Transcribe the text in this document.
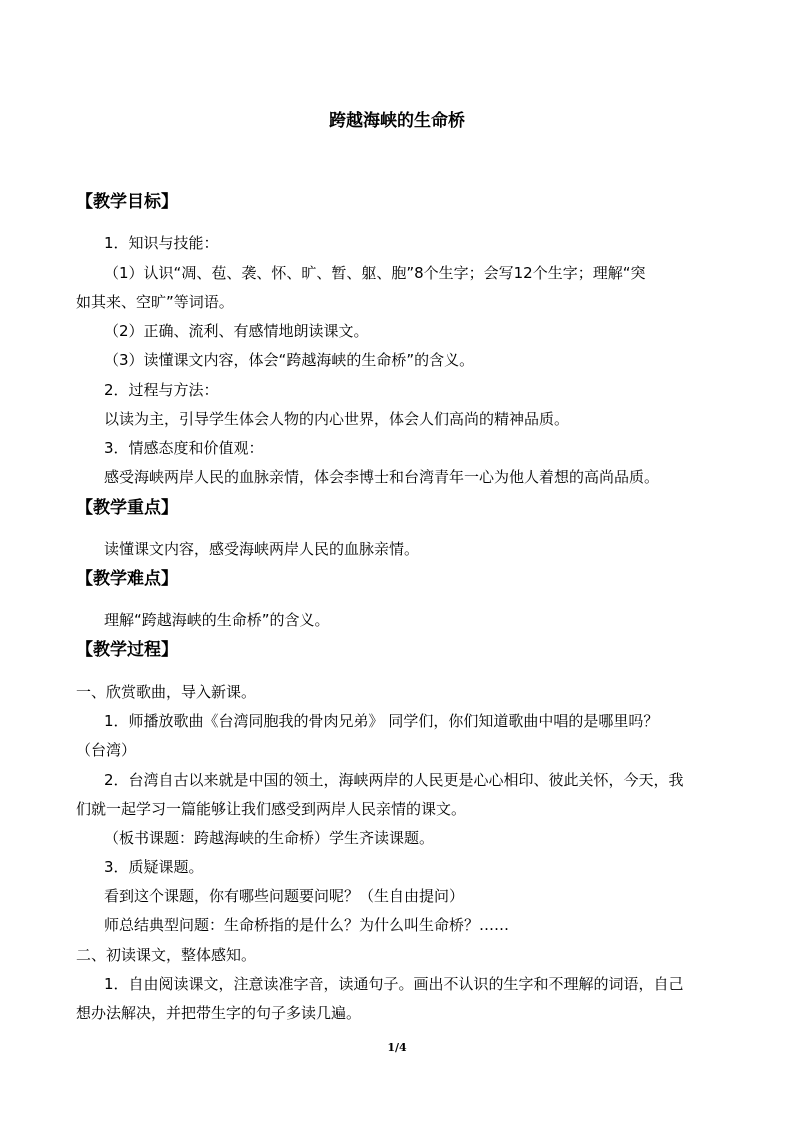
跨越海峡的生命桥
【教学目标】
1．知识与技能：
（1）认识“凋、苞、袭、怀、旷、暂、躯、胞”8个生字；会写12个生字；理解“突
如其来、空旷”等词语。
（2）正确、流利、有感情地朗读课文。
（3）读懂课文内容，体会“跨越海峡的生命桥”的含义。
2．过程与方法：
以读为主，引导学生体会人物的内心世界，体会人们高尚的精神品质。
3．情感态度和价值观：
感受海峡两岸人民的血脉亲情，体会李博士和台湾青年一心为他人着想的高尚品质。
【教学重点】
读懂课文内容，感受海峡两岸人民的血脉亲情。
【教学难点】
理解“跨越海峡的生命桥”的含义。
【教学过程】
一、欣赏歌曲，导入新课。
1．师播放歌曲《台湾同胞我的骨肉兄弟》 同学们，你们知道歌曲中唱的是哪里吗？
（台湾）
2．台湾自古以来就是中国的领土，海峡两岸的人民更是心心相印、彼此关怀，今天，我
们就一起学习一篇能够让我们感受到两岸人民亲情的课文。
（板书课题：跨越海峡的生命桥）学生齐读课题。
3．质疑课题。
看到这个课题，你有哪些问题要问呢？（生自由提问）
师总结典型问题：生命桥指的是什么？为什么叫生命桥？……
二、初读课文，整体感知。
1．自由阅读课文，注意读准字音，读通句子。画出不认识的生字和不理解的词语，自己
想办法解决，并把带生字的句子多读几遍。
1/4
